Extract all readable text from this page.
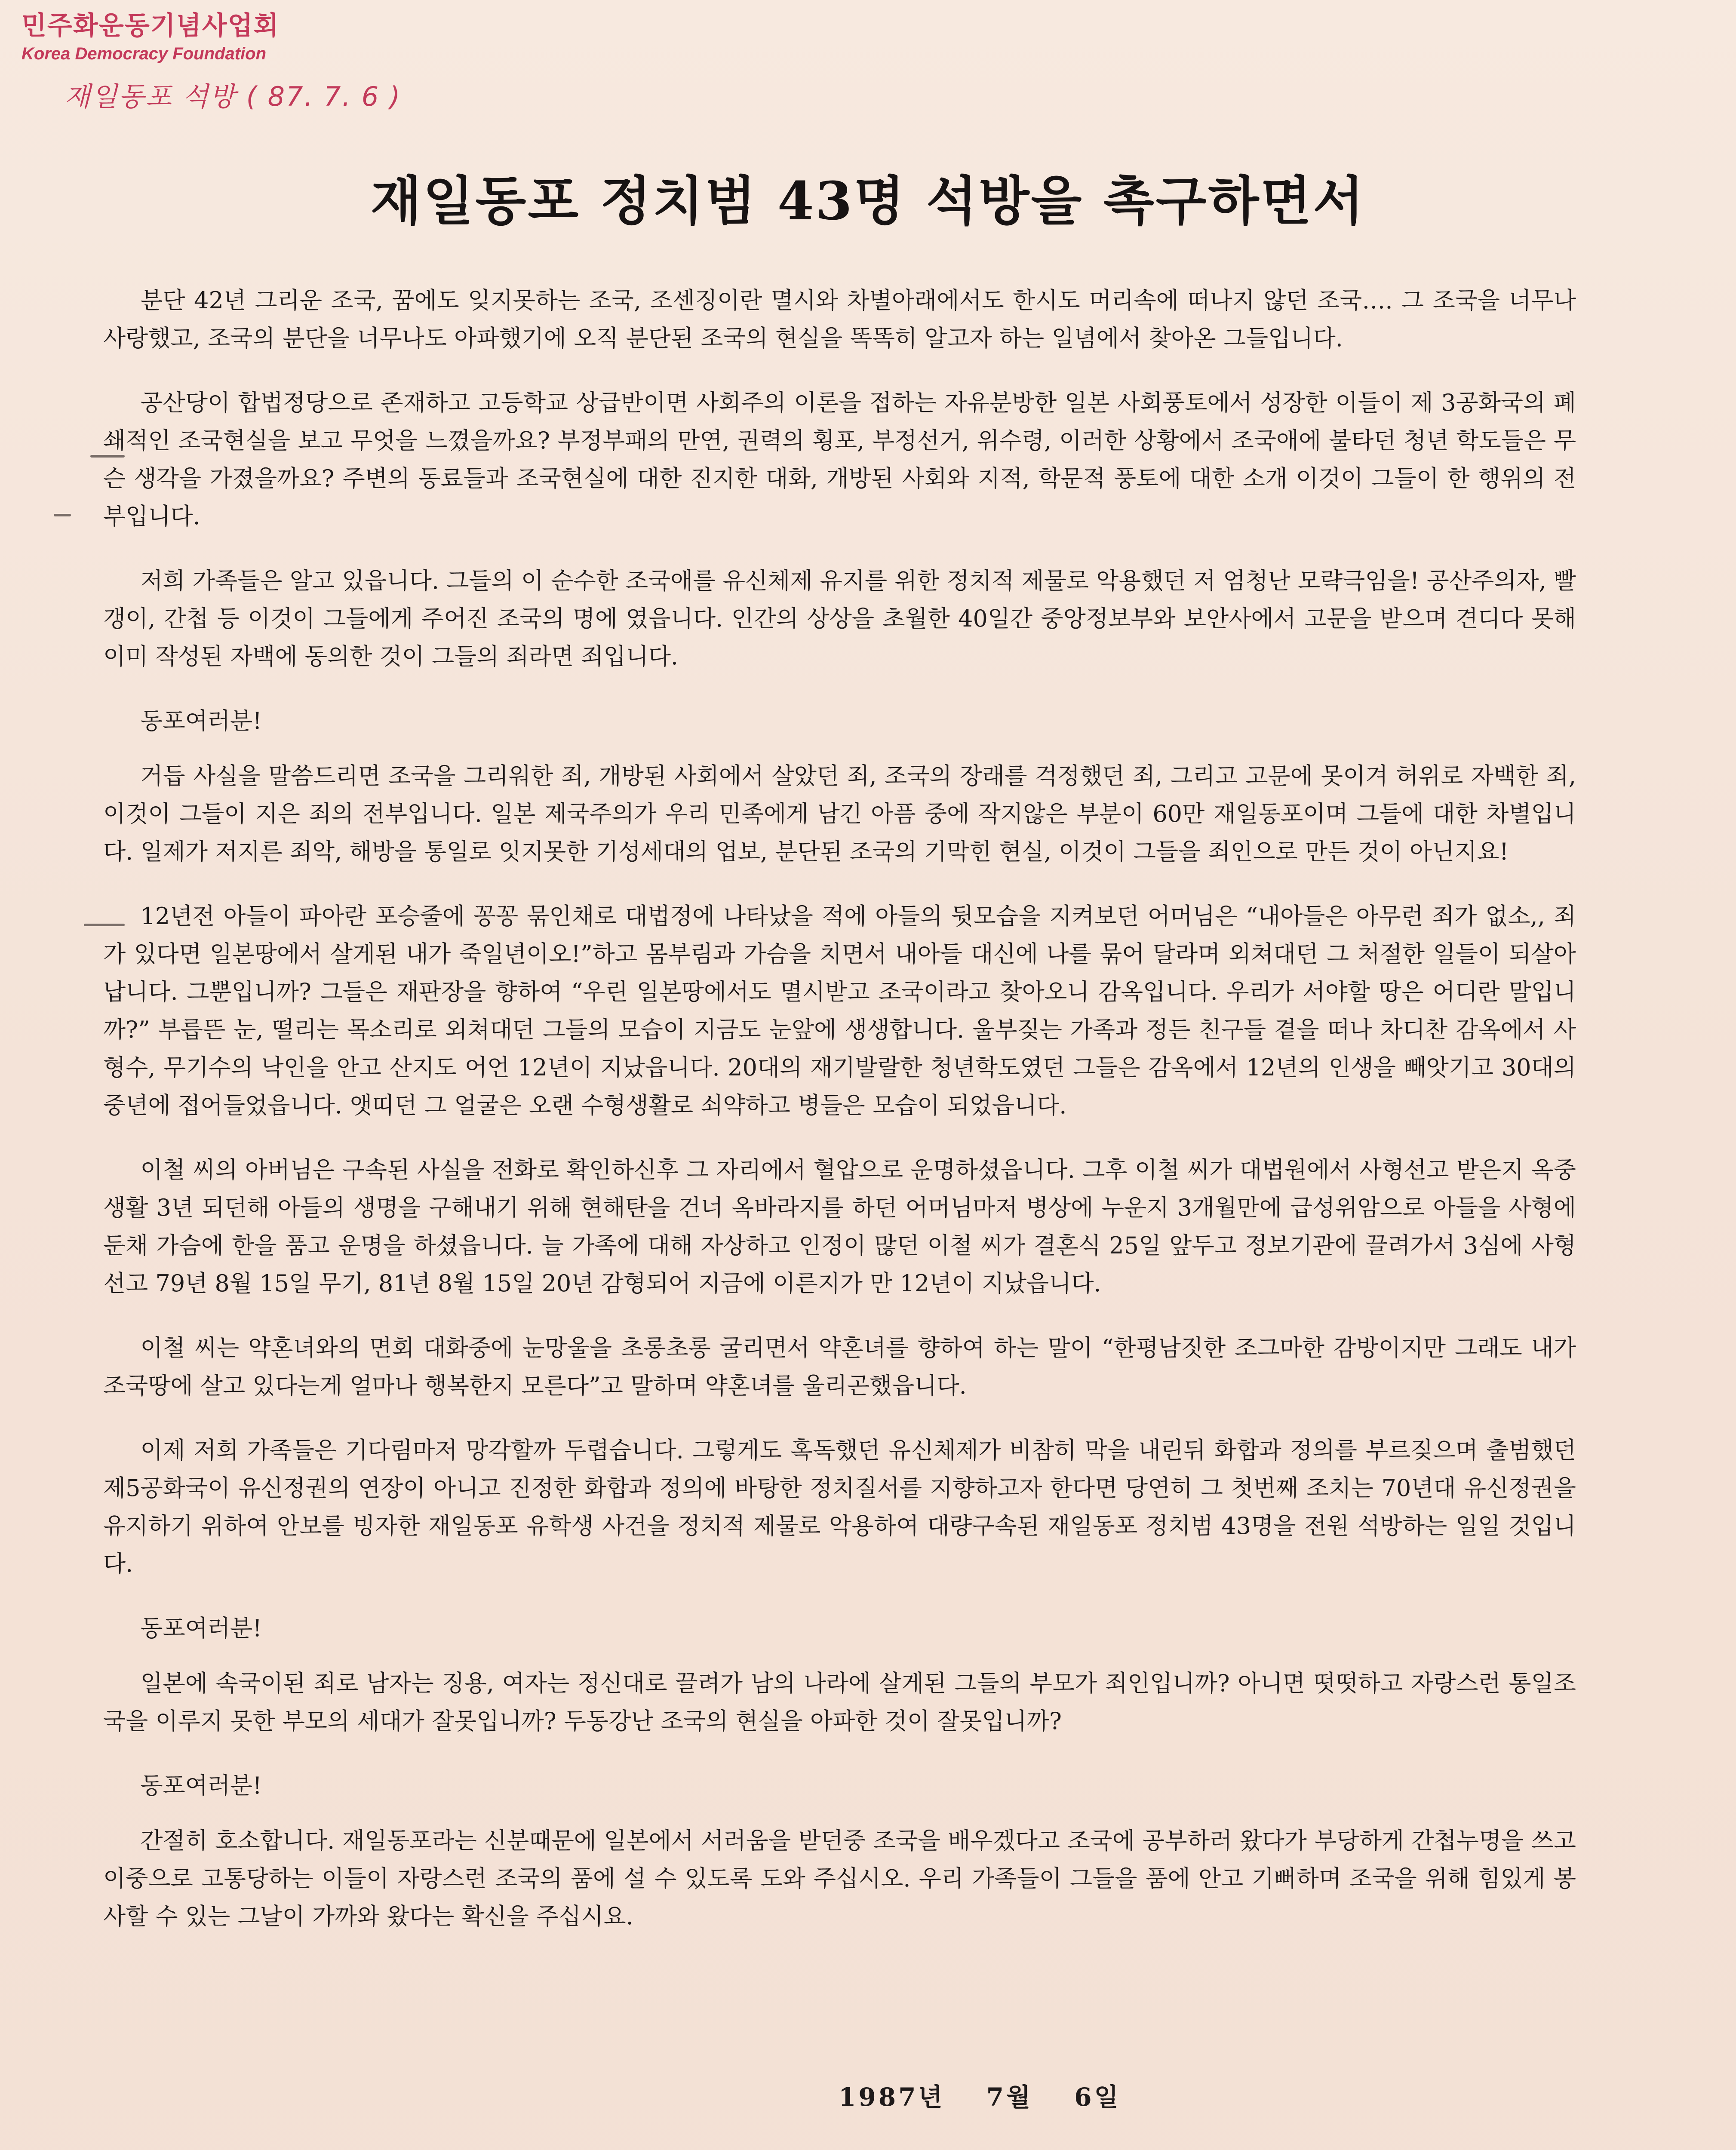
민주화운동기념사업회
Korea Democracy Foundation
재일동포 석방 ( 87. 7. 6 )
재일동포 정치범 43명 석방을 촉구하면서

분단 42년 그리운 조국, 꿈에도 잊지못하는 조국, 조센징이란 멸시와 차별아래에서도 한시도 머리속에 떠나지 않던 조국…. 그 조국을 너무나 사랑했고, 조국의 분단을 너무나도 아파했기에 오직 분단된 조국의 현실을 똑똑히 알고자 하는 일념에서 찾아온 그들입니다.

공산당이 합법정당으로 존재하고 고등학교 상급반이면 사회주의 이론을 접하는 자유분방한 일본 사회풍토에서 성장한 이들이 제 3공화국의 폐쇄적인 조국현실을 보고 무엇을 느꼈을까요? 부정부패의 만연, 권력의 횡포, 부정선거, 위수령, 이러한 상황에서 조국애에 불타던 청년 학도들은 무슨 생각을 가졌을까요? 주변의 동료들과 조국현실에 대한 진지한 대화, 개방된 사회와 지적, 학문적 풍토에 대한 소개 이것이 그들이 한 행위의 전부입니다.

저희 가족들은 알고 있읍니다. 그들의 이 순수한 조국애를 유신체제 유지를 위한 정치적 제물로 악용했던 저 엄청난 모략극임을! 공산주의자, 빨갱이, 간첩 등 이것이 그들에게 주어진 조국의 명에 였읍니다. 인간의 상상을 초월한 40일간 중앙정보부와 보안사에서 고문을 받으며 견디다 못해 이미 작성된 자백에 동의한 것이 그들의 죄라면 죄입니다.

동포여러분!

거듭 사실을 말씀드리면 조국을 그리워한 죄, 개방된 사회에서 살았던 죄, 조국의 장래를 걱정했던 죄, 그리고 고문에 못이겨 허위로 자백한 죄, 이것이 그들이 지은 죄의 전부입니다. 일본 제국주의가 우리 민족에게 남긴 아픔 중에 작지않은 부분이 60만 재일동포이며 그들에 대한 차별입니다. 일제가 저지른 죄악, 해방을 통일로 잇지못한 기성세대의 업보, 분단된 조국의 기막힌 현실, 이것이 그들을 죄인으로 만든 것이 아닌지요!

12년전 아들이 파아란 포승줄에 꽁꽁 묶인채로 대법정에 나타났을 적에 아들의 뒷모습을 지켜보던 어머님은 “내아들은 아무런 죄가 없소,, 죄가 있다면 일본땅에서 살게된 내가 죽일년이오!”하고 몸부림과 가슴을 치면서 내아들 대신에 나를 묶어 달라며 외쳐대던 그 처절한 일들이 되살아납니다. 그뿐입니까? 그들은 재판장을 향하여 “우린 일본땅에서도 멸시받고 조국이라고 찾아오니 감옥입니다. 우리가 서야할 땅은 어디란 말입니까?” 부릅뜬 눈, 떨리는 목소리로 외쳐대던 그들의 모습이 지금도 눈앞에 생생합니다. 울부짖는 가족과 정든 친구들 곁을 떠나 차디찬 감옥에서 사형수, 무기수의 낙인을 안고 산지도 어언 12년이 지났읍니다. 20대의 재기발랄한 청년학도였던 그들은 감옥에서 12년의 인생을 빼앗기고 30대의 중년에 접어들었읍니다. 앳띠던 그 얼굴은 오랜 수형생활로 쇠약하고 병들은 모습이 되었읍니다.

이철 씨의 아버님은 구속된 사실을 전화로 확인하신후 그 자리에서 혈압으로 운명하셨읍니다. 그후 이철 씨가 대법원에서 사형선고 받은지 옥중생활 3년 되던해 아들의 생명을 구해내기 위해 현해탄을 건너 옥바라지를 하던 어머님마저 병상에 누운지 3개월만에 급성위암으로 아들을 사형에 둔채 가슴에 한을 품고 운명을 하셨읍니다. 늘 가족에 대해 자상하고 인정이 많던 이철 씨가 결혼식 25일 앞두고 정보기관에 끌려가서 3심에 사형선고 79년 8월 15일 무기, 81년 8월 15일 20년 감형되어 지금에 이른지가 만 12년이 지났읍니다.

이철 씨는 약혼녀와의 면회 대화중에 눈망울을 초롱초롱 굴리면서 약혼녀를 향하여 하는 말이 “한평남짓한 조그마한 감방이지만 그래도 내가 조국땅에 살고 있다는게 얼마나 행복한지 모른다”고 말하며 약혼녀를 울리곤했읍니다.

이제 저희 가족들은 기다림마저 망각할까 두렵습니다. 그렇게도 혹독했던 유신체제가 비참히 막을 내린뒤 화합과 정의를 부르짖으며 출범했던 제5공화국이 유신정권의 연장이 아니고 진정한 화합과 정의에 바탕한 정치질서를 지향하고자 한다면 당연히 그 첫번째 조치는 70년대 유신정권을 유지하기 위하여 안보를 빙자한 재일동포 유학생 사건을 정치적 제물로 악용하여 대량구속된 재일동포 정치범 43명을 전원 석방하는 일일 것입니다.

동포여러분!

일본에 속국이된 죄로 남자는 징용, 여자는 정신대로 끌려가 남의 나라에 살게된 그들의 부모가 죄인입니까? 아니면 떳떳하고 자랑스런 통일조국을 이루지 못한 부모의 세대가 잘못입니까? 두동강난 조국의 현실을 아파한 것이 잘못입니까?

동포여러분!

간절히 호소합니다. 재일동포라는 신분때문에 일본에서 서러움을 받던중 조국을 배우겠다고 조국에 공부하러 왔다가 부당하게 간첩누명을 쓰고 이중으로 고통당하는 이들이 자랑스런 조국의 품에 설 수 있도록 도와 주십시오. 우리 가족들이 그들을 품에 안고 기뻐하며 조국을 위해 힘있게 봉사할 수 있는 그날이 가까와 왔다는 확신을 주십시요.

1987년 7월 6일
